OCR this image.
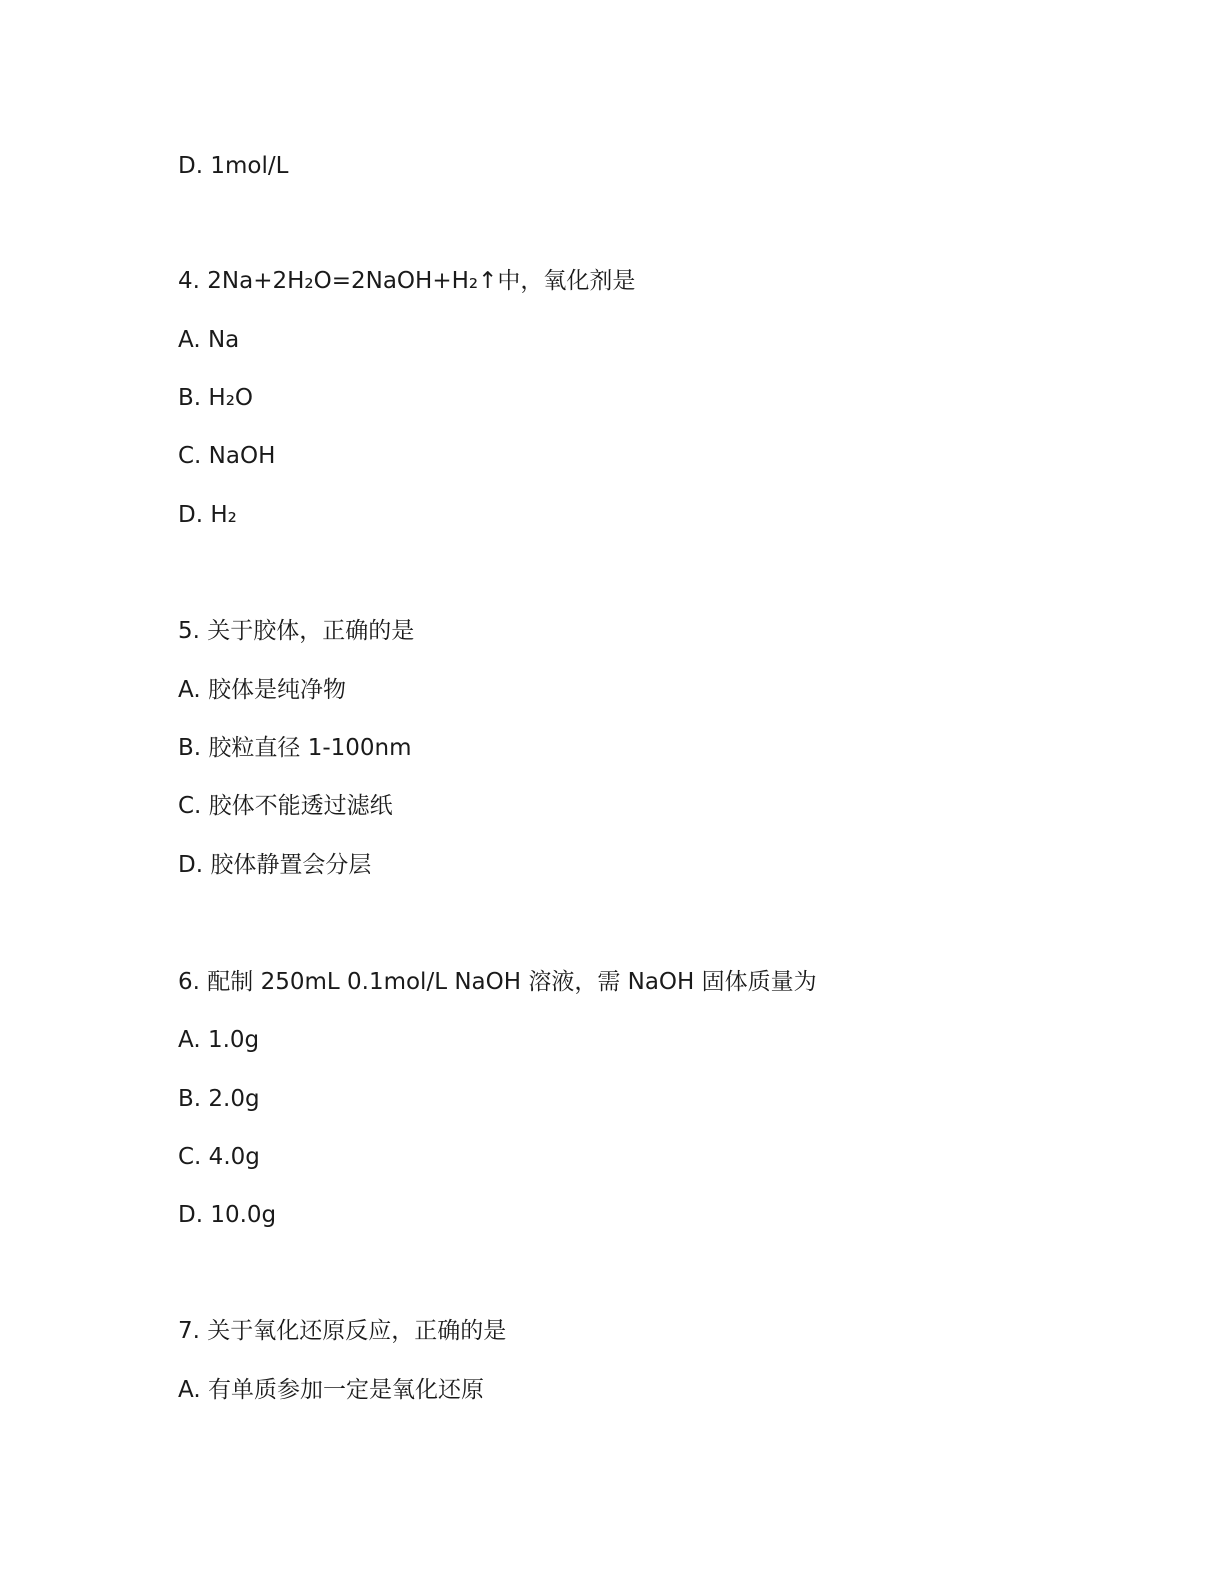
D. 1mol/L
4. 2Na+2H₂O=2NaOH+H₂↑中，氧化剂是
A. Na
B. H₂O
C. NaOH
D. H₂
5. 关于胶体，正确的是
A. 胶体是纯净物
B. 胶粒直径 1-100nm
C. 胶体不能透过滤纸
D. 胶体静置会分层
6. 配制 250mL 0.1mol/L NaOH 溶液，需 NaOH 固体质量为
A. 1.0g
B. 2.0g
C. 4.0g
D. 10.0g
7. 关于氧化还原反应，正确的是
A. 有单质参加一定是氧化还原
